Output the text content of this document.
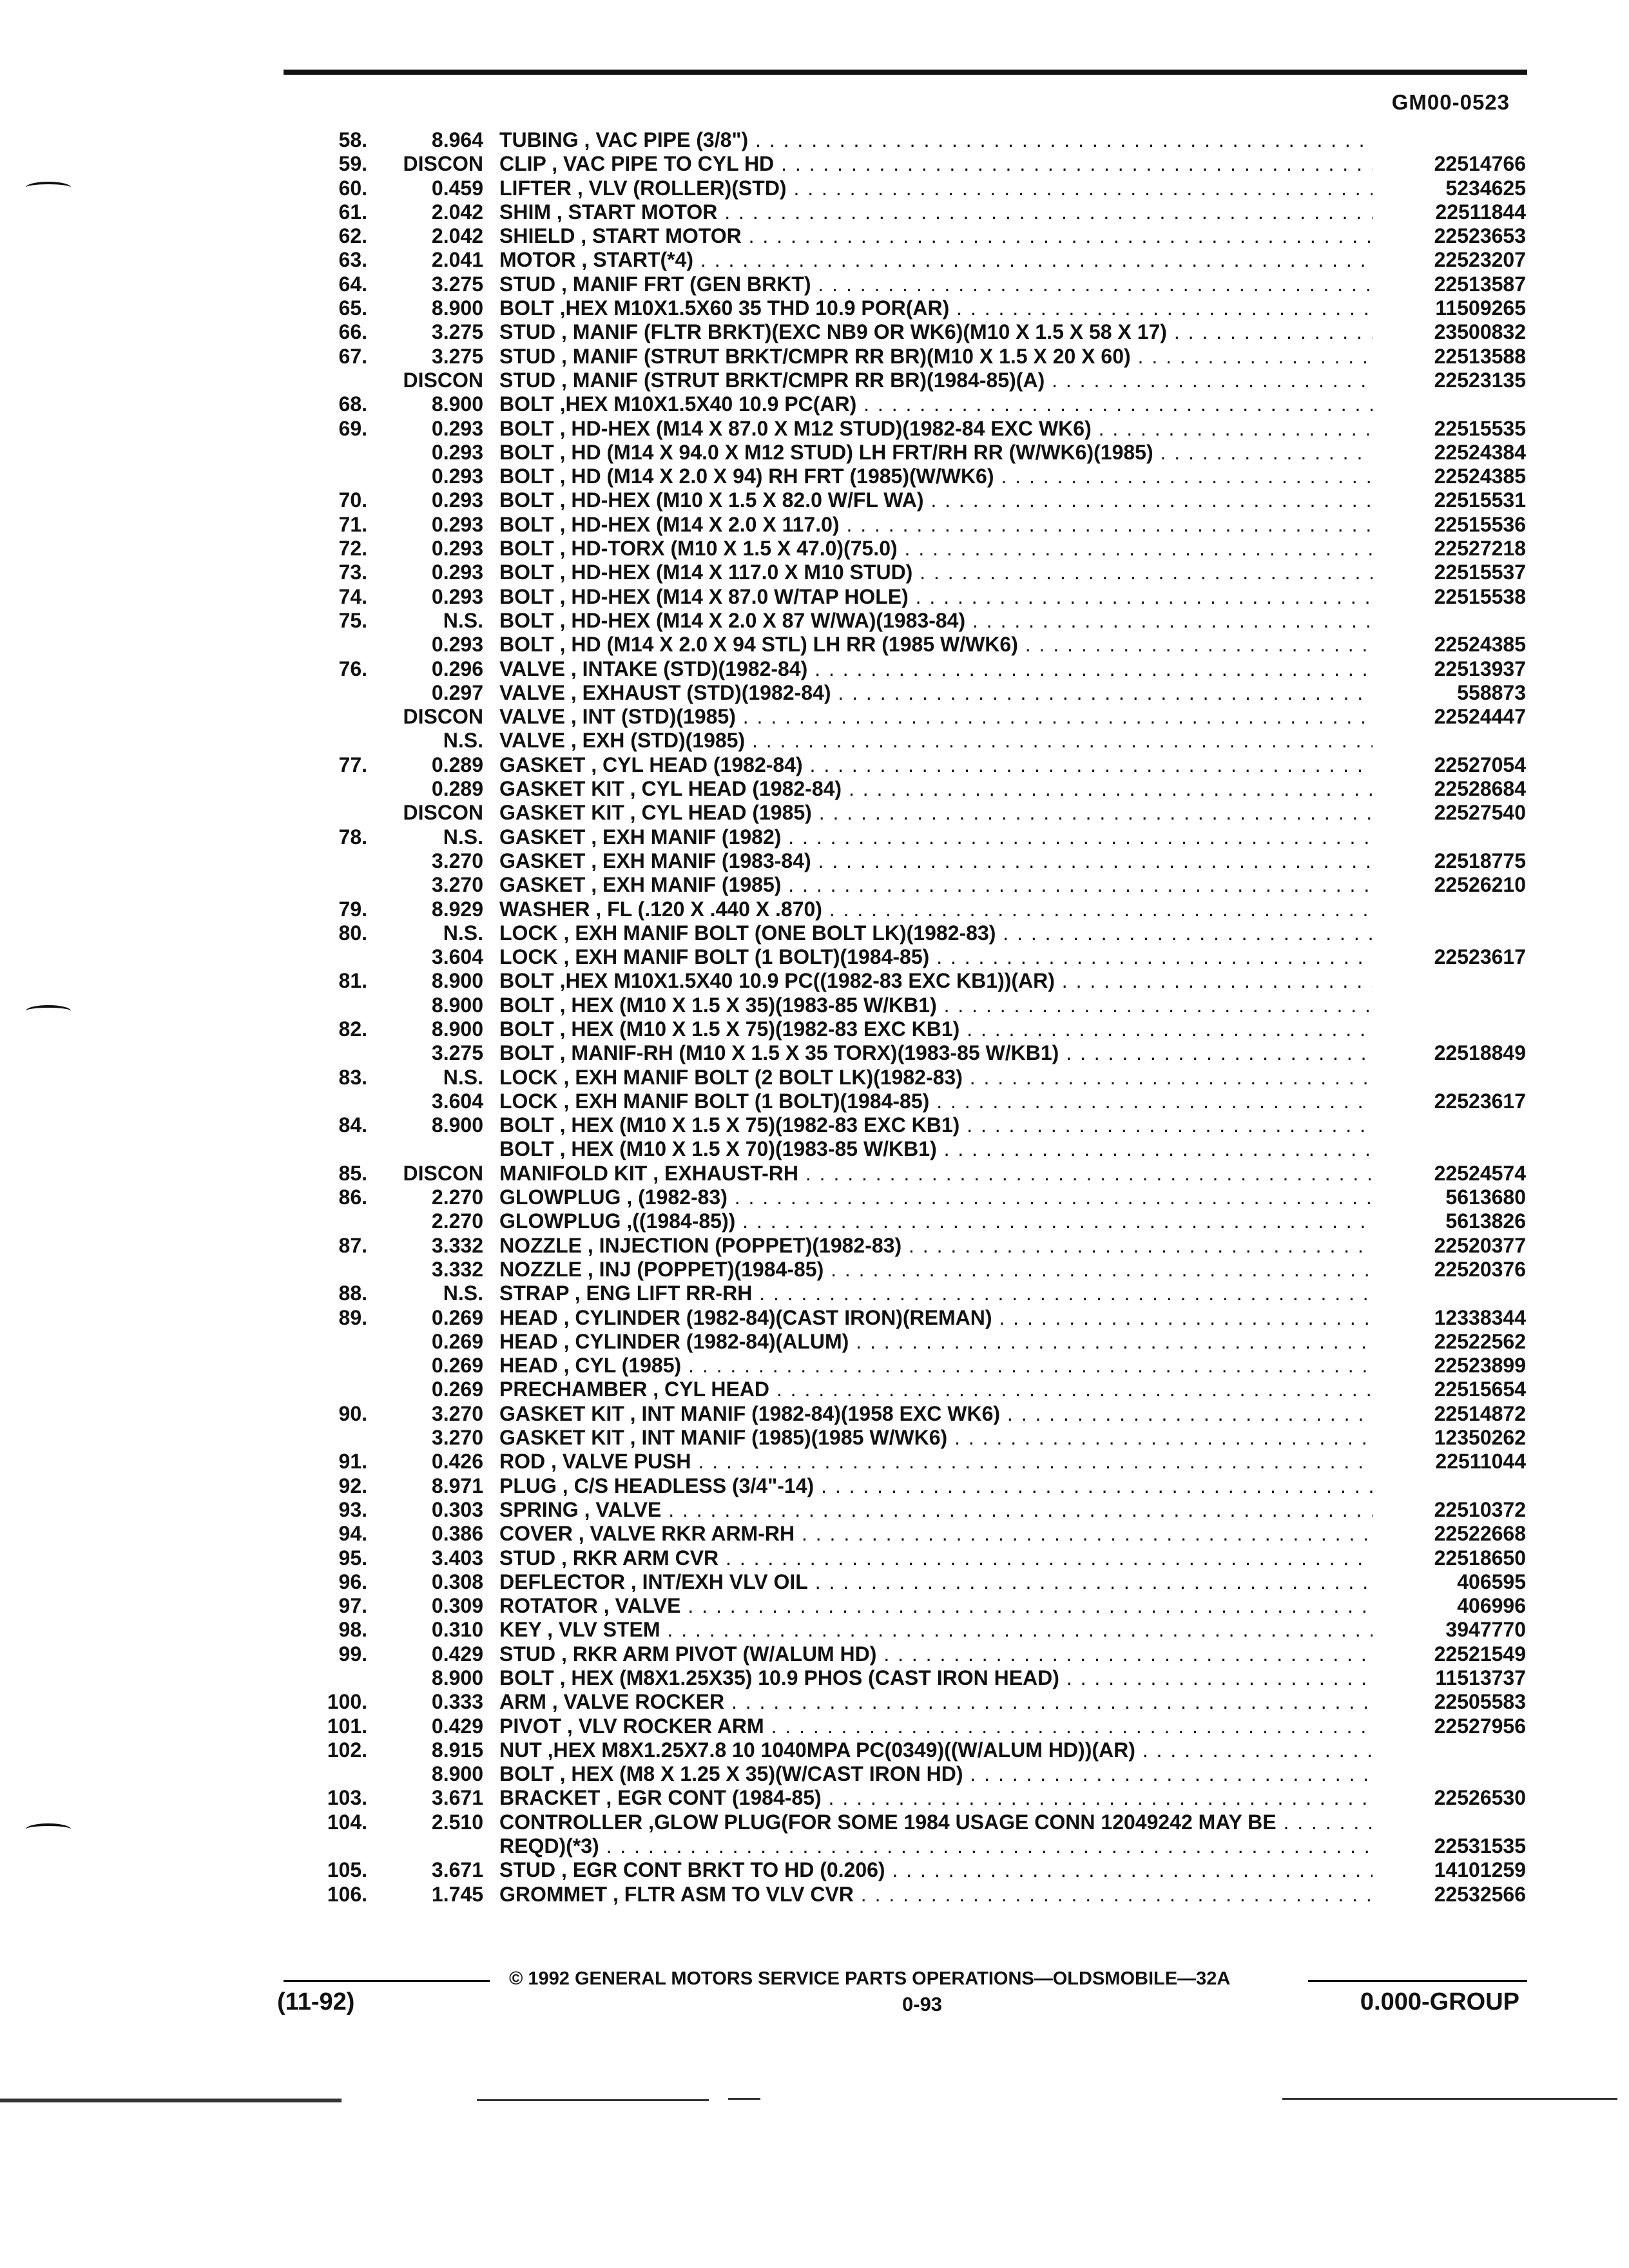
GM00-0523
58.	8.964 TUBING , VAC PIPE (3/8") . . .
59.	DISCON CLIP , VAC PIPE TO CYL HD . . .	22514766
60.	0.459 LIFTER , VLV (ROLLER)(STD) . . .	5234625
61.	2.042 SHIM , START MOTOR . . .	22511844
62.	2.042 SHIELD , START MOTOR . . .	22523653
63.	2.041 MOTOR , START(*4) . . .	22523207
64.	3.275 STUD , MANIF FRT (GEN BRKT) . . .	22513587
65.	8.900 BOLT ,HEX M10X1.5X60 35 THD 10.9 POR(AR) . . .	11509265
66.	3.275 STUD , MANIF (FLTR BRKT)(EXC NB9 OR WK6)(M10 X 1.5 X 58 X 17) . . .	23500832
67.	3.275 STUD , MANIF (STRUT BRKT/CMPR RR BR)(M10 X 1.5 X 20 X 60) . . .	22513588
DISCON STUD , MANIF (STRUT BRKT/CMPR RR BR)(1984-85)(A) . . .	22523135
68.	8.900 BOLT ,HEX M10X1.5X40 10.9 PC(AR) . . .
69.	0.293 BOLT , HD-HEX (M14 X 87.0 X M12 STUD)(1982-84 EXC WK6) . . .	22515535
0.293 BOLT , HD (M14 X 94.0 X M12 STUD) LH FRT/RH RR (W/WK6)(1985) . . .	22524384
0.293 BOLT , HD (M14 X 2.0 X 94) RH FRT (1985)(W/WK6) . . .	22524385
70.	0.293 BOLT , HD-HEX (M10 X 1.5 X 82.0 W/FL WA) . . .	22515531
71.	0.293 BOLT , HD-HEX (M14 X 2.0 X 117.0) . . .	22515536
72.	0.293 BOLT , HD-TORX (M10 X 1.5 X 47.0)(75.0) . . .	22527218
73.	0.293 BOLT , HD-HEX (M14 X 117.0 X M10 STUD) . . .	22515537
74.	0.293 BOLT , HD-HEX (M14 X 87.0 W/TAP HOLE) . . .	22515538
75.	N.S. BOLT , HD-HEX (M14 X 2.0 X 87 W/WA)(1983-84) . . .
0.293 BOLT , HD (M14 X 2.0 X 94 STL) LH RR (1985 W/WK6) . . .	22524385
76.	0.296 VALVE , INTAKE (STD)(1982-84) . . .	22513937
0.297 VALVE , EXHAUST (STD)(1982-84) . . .	558873
DISCON VALVE , INT (STD)(1985) . . .	22524447
N.S. VALVE , EXH (STD)(1985) . . .
77.	0.289 GASKET , CYL HEAD (1982-84) . . .	22527054
0.289 GASKET KIT , CYL HEAD (1982-84) . . .	22528684
DISCON GASKET KIT , CYL HEAD (1985) . . .	22527540
78.	N.S. GASKET , EXH MANIF (1982) . . .
3.270 GASKET , EXH MANIF (1983-84) . . .	22518775
3.270 GASKET , EXH MANIF (1985) . . .	22526210
79.	8.929 WASHER , FL (.120 X .440 X .870) . . .
80.	N.S. LOCK , EXH MANIF BOLT (ONE BOLT LK)(1982-83) . . .
3.604 LOCK , EXH MANIF BOLT (1 BOLT)(1984-85) . . .	22523617
81.	8.900 BOLT ,HEX M10X1.5X40 10.9 PC((1982-83 EXC KB1))(AR) . . .
8.900 BOLT , HEX (M10 X 1.5 X 35)(1983-85 W/KB1) . . .
82.	8.900 BOLT , HEX (M10 X 1.5 X 75)(1982-83 EXC KB1) . . .
3.275 BOLT , MANIF-RH (M10 X 1.5 X 35 TORX)(1983-85 W/KB1) . . .	22518849
83.	N.S. LOCK , EXH MANIF BOLT (2 BOLT LK)(1982-83) . . .
3.604 LOCK , EXH MANIF BOLT (1 BOLT)(1984-85) . . .	22523617
84.	8.900 BOLT , HEX (M10 X 1.5 X 75)(1982-83 EXC KB1) . . .
BOLT , HEX (M10 X 1.5 X 70)(1983-85 W/KB1) . . .
85.	DISCON MANIFOLD KIT , EXHAUST-RH . . .	22524574
86.	2.270 GLOWPLUG , (1982-83) . . .	5613680
2.270 GLOWPLUG ,((1984-85)) . . .	5613826
87.	3.332 NOZZLE , INJECTION (POPPET)(1982-83) . . .	22520377
3.332 NOZZLE , INJ (POPPET)(1984-85) . . .	22520376
88.	N.S. STRAP , ENG LIFT RR-RH . . .
89.	0.269 HEAD , CYLINDER (1982-84)(CAST IRON)(REMAN) . . .	12338344
0.269 HEAD , CYLINDER (1982-84)(ALUM) . . .	22522562
0.269 HEAD , CYL (1985) . . .	22523899
0.269 PRECHAMBER , CYL HEAD . . .	22515654
90.	3.270 GASKET KIT , INT MANIF (1982-84)(1958 EXC WK6) . . .	22514872
3.270 GASKET KIT , INT MANIF (1985)(1985 W/WK6) . . .	12350262
91.	0.426 ROD , VALVE PUSH . . .	22511044
92.	8.971 PLUG , C/S HEADLESS (3/4"-14) . . .
93.	0.303 SPRING , VALVE . . .	22510372
94.	0.386 COVER , VALVE RKR ARM-RH . . .	22522668
95.	3.403 STUD , RKR ARM CVR . . .	22518650
96.	0.308 DEFLECTOR , INT/EXH VLV OIL . . .	406595
97.	0.309 ROTATOR , VALVE . . .	406996
98.	0.310 KEY , VLV STEM . . .	3947770
99.	0.429 STUD , RKR ARM PIVOT (W/ALUM HD) . . .	22521549
8.900 BOLT , HEX (M8X1.25X35) 10.9 PHOS (CAST IRON HEAD) . . .	11513737
100.	0.333 ARM , VALVE ROCKER . . .	22505583
101.	0.429 PIVOT , VLV ROCKER ARM . . .	22527956
102.	8.915 NUT ,HEX M8X1.25X7.8 10 1040MPA PC(0349)((W/ALUM HD))(AR) . . .
8.900 BOLT , HEX (M8 X 1.25 X 35)(W/CAST IRON HD) . . .
103.	3.671 BRACKET , EGR CONT (1984-85) . . .	22526530
104.	2.510 CONTROLLER ,GLOW PLUG(FOR SOME 1984 USAGE CONN 12049242 MAY BE . . .
REQD)(*3) . . .	22531535
105.	3.671 STUD , EGR CONT BRKT TO HD (0.206) . . .	14101259
106.	1.745 GROMMET , FLTR ASM TO VLV CVR . . .	22532566
© 1992 GENERAL MOTORS SERVICE PARTS OPERATIONS—OLDSMOBILE—32A
(11-92)	0-93	0.000-GROUP
